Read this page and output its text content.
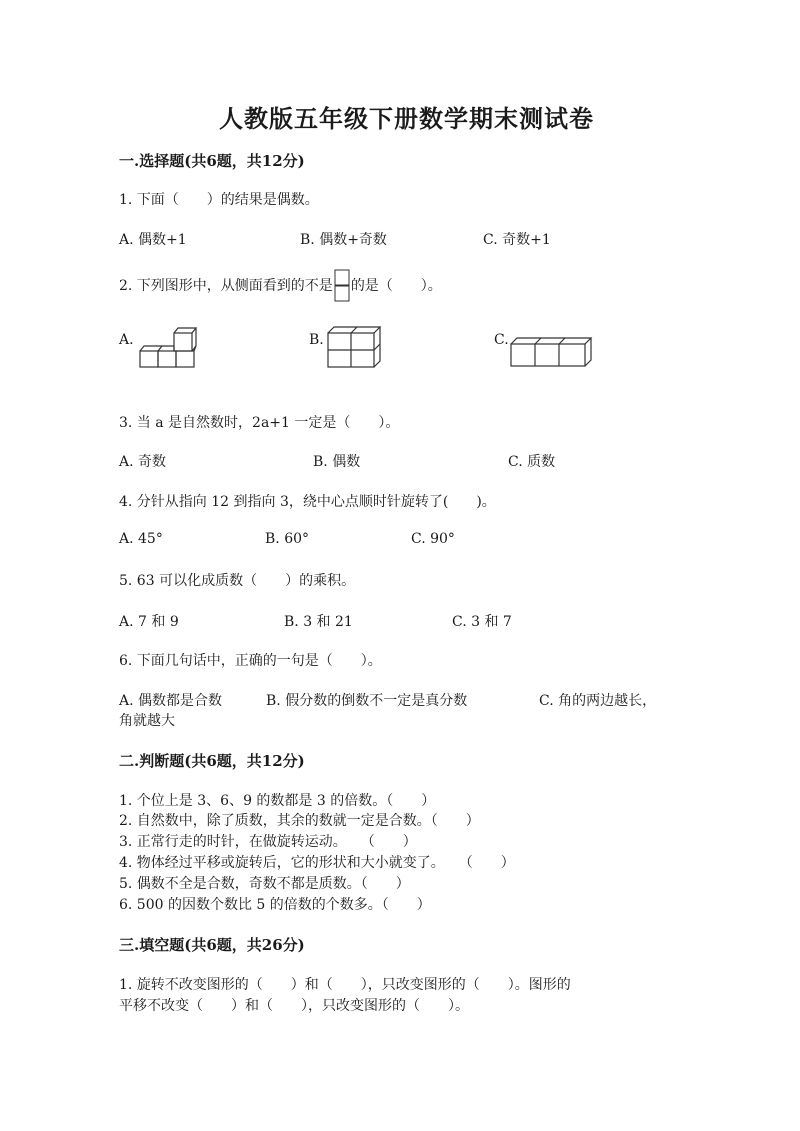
人教版五年级下册数学期末测试卷
一.选择题(共6题，共12分)
1. 下面（　　）的结果是偶数。
A. 偶数+1	B. 偶数+奇数	C. 奇数+1
2. 下列图形中，从侧面看到的不是 的是（　　）。
A.	B.	C.
3. 当 a 是自然数时，2a+1 一定是（　　）。
A. 奇数	B. 偶数	C. 质数
4. 分针从指向 12 到指向 3，绕中心点顺时针旋转了(　　)。
A. 45°	B. 60°	C. 90°
5. 63 可以化成质数（　　）的乘积。
A. 7 和 9	B. 3 和 21	C. 3 和 7
6. 下面几句话中，正确的一句是（　　）。
A. 偶数都是合数	B. 假分数的倒数不一定是真分数	C. 角的两边越长，
角就越大
二.判断题(共6题，共12分)
1. 个位上是 3、6、9 的数都是 3 的倍数。（　　）
2. 自然数中，除了质数，其余的数就一定是合数。（　　）
3. 正常行走的时针，在做旋转运动。　　（　　）
4. 物体经过平移或旋转后，它的形状和大小就变了。　　（　　）
5. 偶数不全是合数，奇数不都是质数。（　　）
6. 500 的因数个数比 5 的倍数的个数多。（　　）
三.填空题(共6题，共26分)
1. 旋转不改变图形的（　　）和（　　），只改变图形的（　　）。图形的
平移不改变（　　）和（　　），只改变图形的（　　）。
